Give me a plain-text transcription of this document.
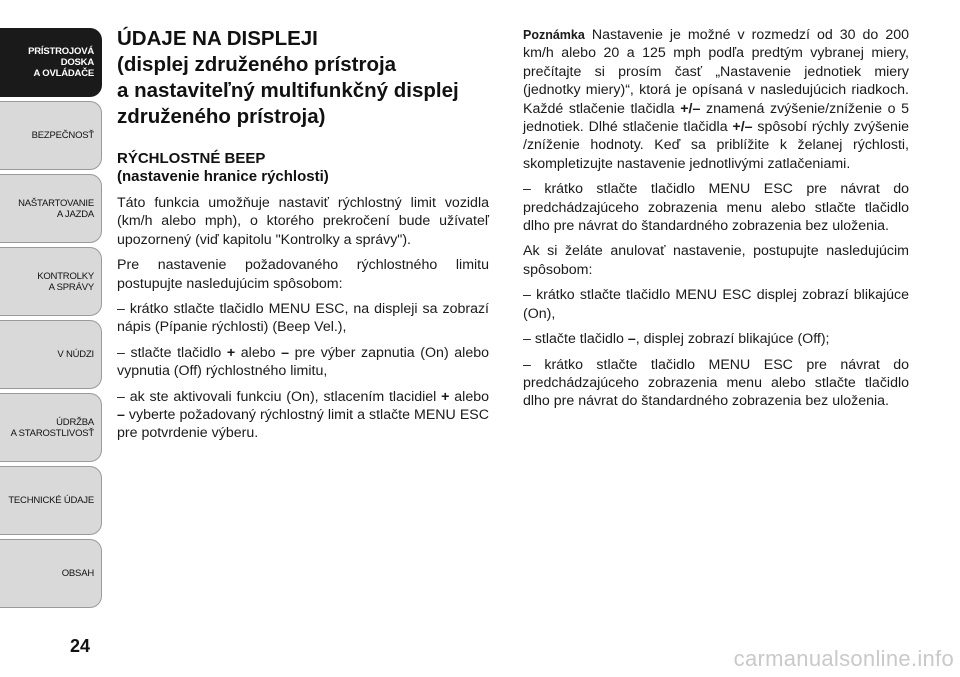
PRÍSTROJOVÁ
DOSKA
A OVLÁDAČE
BEZPEČNOSŤ
NAŠTARTOVANIE
A JAZDA
KONTROLKY
A SPRÁVY
V NÚDZI
ÚDRŽBA
A STAROSTLIVOSŤ
TECHNICKÉ ÚDAJE
OBSAH
24
ÚDAJE NA DISPLEJI
(displej združeného prístroja
a nastaviteľný multifunkčný displej
združeného prístroja)
RÝCHLOSTNÉ BEEP
(nastavenie hranice rýchlosti)

Táto funkcia umožňuje nastaviť rýchlostný limit vozidla (km/h alebo mph), o ktorého prekročení bude užívateľ upozornený (viď kapitolu "Kontrolky a správy").

Pre nastavenie požadovaného rýchlostného limitu postupujte nasledujúcim spôsobom:

– krátko stlačte tlačidlo MENU ESC, na displeji sa zobrazí nápis (Pípanie rýchlosti) (Beep Vel.),

– stlačte tlačidlo + alebo – pre výber zapnutia (On) alebo vypnutia (Off) rýchlostného limitu,

– ak ste aktivovali funkciu (On), stlacením tlacidiel + alebo – vyberte požadovaný rýchlostný limit a stlačte MENU ESC pre potvrdenie výberu.

Poznámka Nastavenie je možné v rozmedzí od 30 do 200 km/h alebo 20 a 125 mph podľa predtým vybranej miery, prečítajte si prosím časť „Nastavenie jednotiek miery (jednotky miery)“, ktorá je opísaná v nasledujúcich riadkoch. Každé stlačenie tlačidla +/– znamená zvýšenie/zníženie o 5 jednotiek. Dlhé stlačenie tlačidla +/– spôsobí rýchly zvýšenie /zníženie hodnoty. Keď sa priblížite k želanej rýchlosti, skompletizujte nastavenie jednotlivými zatlačeniami.

– krátko stlačte tlačidlo MENU ESC pre návrat do predchádzajúceho zobrazenia menu alebo stlačte tlačidlo dlho pre návrat do štandardného zobrazenia bez uloženia.

Ak si želáte anulovať nastavenie, postupujte nasledujúcim spôsobom:

– krátko stlačte tlačidlo MENU ESC displej zobrazí blikajúce (On),

– stlačte tlačidlo –, displej zobrazí blikajúce (Off);

– krátko stlačte tlačidlo MENU ESC pre návrat do predchádzajúceho zobrazenia menu alebo stlačte tlačidlo dlho pre návrat do štandardného zobrazenia bez uloženia.

carmanualsonline.info
